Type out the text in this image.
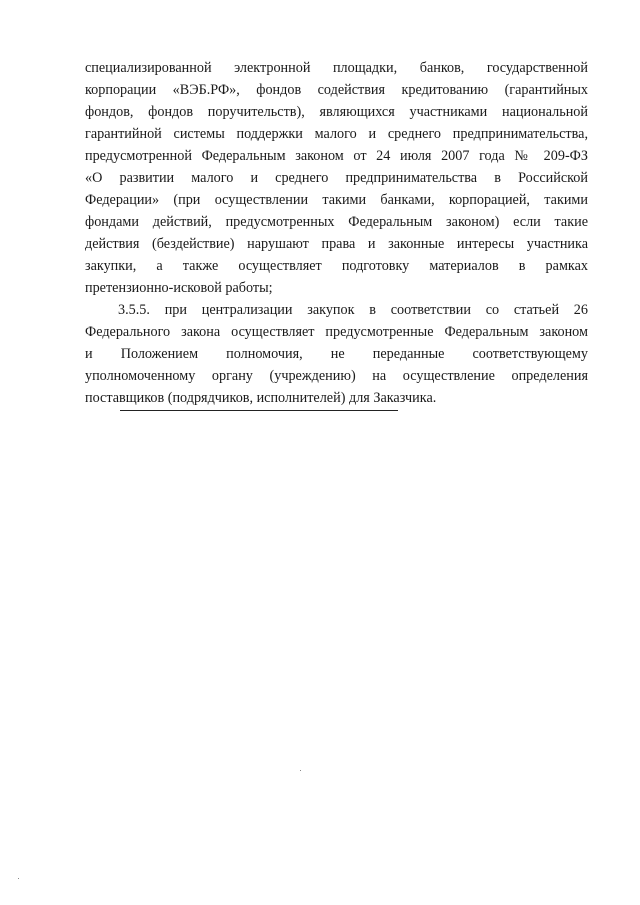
специализированной электронной площадки, банков, государственной
корпорации «ВЭБ.РФ», фондов содействия кредитованию (гарантийных
фондов, фондов поручительств), являющихся участниками национальной
гарантийной системы поддержки малого и среднего предпринимательства,
предусмотренной Федеральным законом от 24 июля 2007 года № 209-ФЗ
«О развитии малого и среднего предпринимательства в Российской
Федерации» (при осуществлении такими банками, корпорацией, такими
фондами действий, предусмотренных Федеральным законом) если такие
действия (бездействие) нарушают права и законные интересы участника
закупки, а также осуществляет подготовку материалов в рамках
претензионно-исковой работы;
3.5.5. при централизации закупок в соответствии со статьей 26
Федерального закона осуществляет предусмотренные Федеральным законом
и Положением полномочия, не переданные соответствующему
уполномоченному органу (учреждению) на осуществление определения
поставщиков (подрядчиков, исполнителей) для Заказчика.
